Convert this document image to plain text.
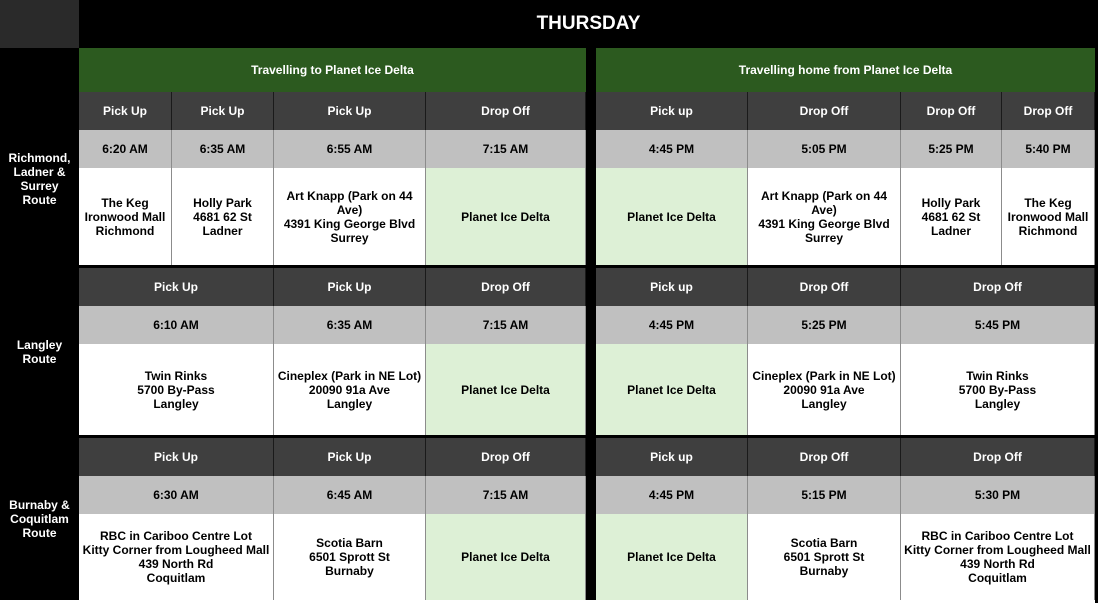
THURSDAY
Travelling to Planet Ice Delta	Travelling home from Planet Ice Delta
Richmond,
Ladner &
Surrey
Route
Pick Up
6:20 AM
The Keg
Ironwood Mall
Richmond
Pick Up
6:35 AM
Holly Park
4681 62 St
Ladner
Pick Up
6:55 AM
Art Knapp (Park on 44
Ave)
4391 King George Blvd
Surrey
Drop Off
7:15 AM
Planet Ice Delta
Pick up
4:45 PM
Planet Ice Delta
Drop Off
5:05 PM
Art Knapp (Park on 44
Ave)
4391 King George Blvd
Surrey
Drop Off
5:25 PM
Holly Park
4681 62 St
Ladner
Drop Off
5:40 PM
The Keg
Ironwood Mall
Richmond
Langley
Route
Pick Up
6:10 AM
Twin Rinks
5700 By-Pass
Langley
Pick Up
6:35 AM
Cineplex (Park in NE Lot)
20090 91a Ave
Langley
Drop Off
7:15 AM
Planet Ice Delta
Pick up
4:45 PM
Planet Ice Delta
Drop Off
5:25 PM
Cineplex (Park in NE Lot)
20090 91a Ave
Langley
Drop Off
5:45 PM
Twin Rinks
5700 By-Pass
Langley
Burnaby &
Coquitlam
Route
Pick Up
6:30 AM
RBC in Cariboo Centre Lot
Kitty Corner from Lougheed Mall
439 North Rd
Coquitlam
Pick Up
6:45 AM
Scotia Barn
6501 Sprott St
Burnaby
Drop Off
7:15 AM
Planet Ice Delta
Pick up
4:45 PM
Planet Ice Delta
Drop Off
5:15 PM
Scotia Barn
6501 Sprott St
Burnaby
Drop Off
5:30 PM
RBC in Cariboo Centre Lot
Kitty Corner from Lougheed Mall
439 North Rd
Coquitlam
